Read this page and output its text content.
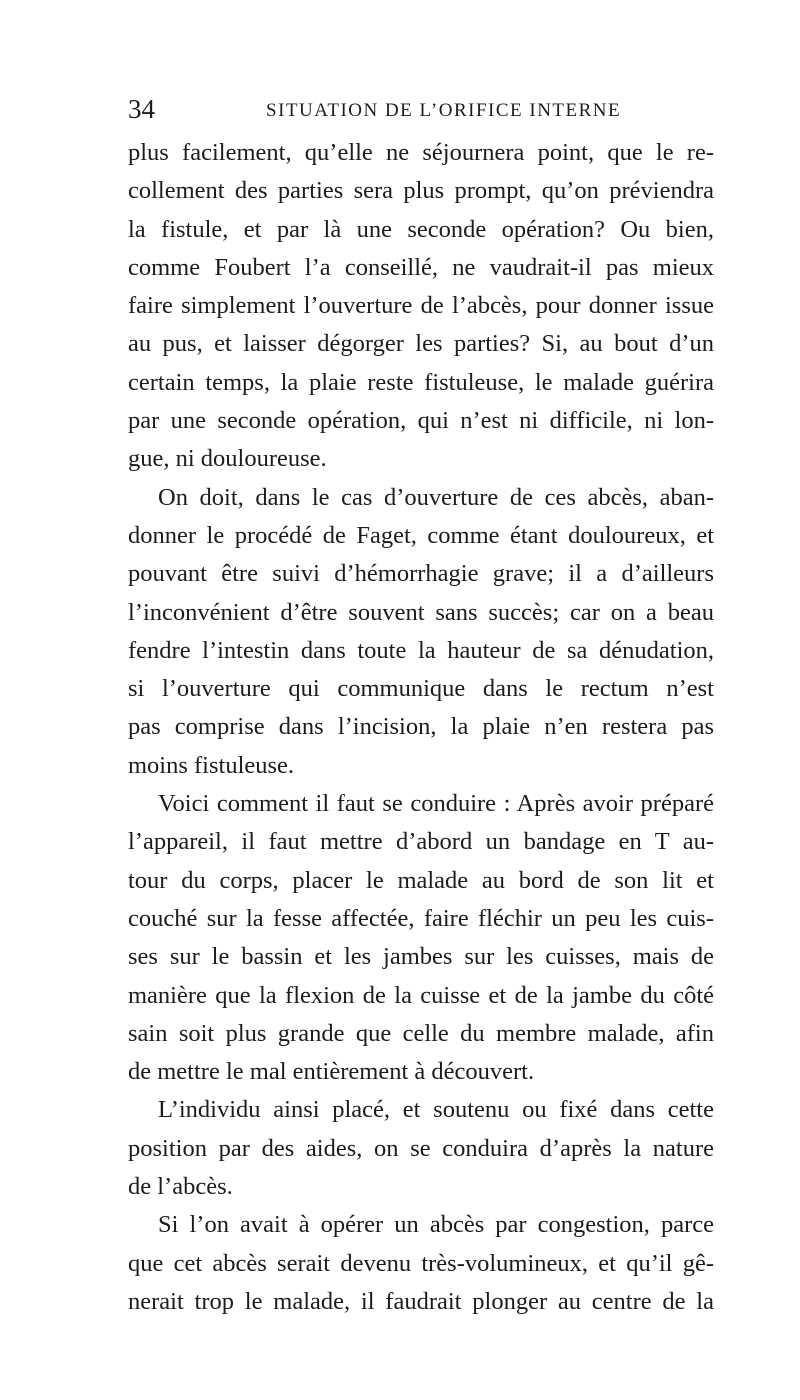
34	SITUATION DE L’ORIFICE INTERNE
plus facilement, qu’elle ne séjournera point, que le re-
collement des parties sera plus prompt, qu’on préviendra
la fistule, et par là une seconde opération? Ou bien,
comme Foubert l’a conseillé, ne vaudrait-il pas mieux
faire simplement l’ouverture de l’abcès, pour donner issue
au pus, et laisser dégorger les parties? Si, au bout d’un
certain temps, la plaie reste fistuleuse, le malade guérira
par une seconde opération, qui n’est ni difficile, ni lon-
gue, ni douloureuse.
On doit, dans le cas d’ouverture de ces abcès, aban-
donner le procédé de Faget, comme étant douloureux, et
pouvant être suivi d’hémorrhagie grave; il a d’ailleurs
l’inconvénient d’être souvent sans succès; car on a beau
fendre l’intestin dans toute la hauteur de sa dénudation,
si l’ouverture qui communique dans le rectum n’est
pas comprise dans l’incision, la plaie n’en restera pas
moins fistuleuse.
Voici comment il faut se conduire : Après avoir préparé
l’appareil, il faut mettre d’abord un bandage en T au-
tour du corps, placer le malade au bord de son lit et
couché sur la fesse affectée, faire fléchir un peu les cuis-
ses sur le bassin et les jambes sur les cuisses, mais de
manière que la flexion de la cuisse et de la jambe du côté
sain soit plus grande que celle du membre malade, afin
de mettre le mal entièrement à découvert.
L’individu ainsi placé, et soutenu ou fixé dans cette
position par des aides, on se conduira d’après la nature
de l’abcès.
Si l’on avait à opérer un abcès par congestion, parce
que cet abcès serait devenu très-volumineux, et qu’il gê-
nerait trop le malade, il faudrait plonger au centre de la
